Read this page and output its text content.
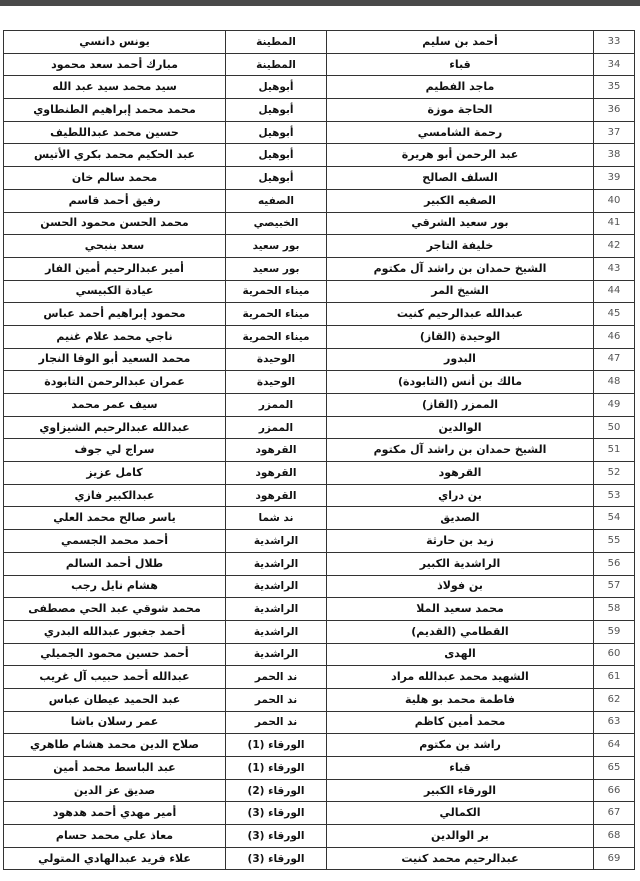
33	أحمد بن سليم	المطينة	يونس دانسي
34	قباء	المطينة	مبارك أحمد سعد محمود
35	ماجد الفطيم	أبوهيل	سيد محمد سيد عبد الله
36	الحاجة موزة	أبوهيل	محمد محمد إبراهيم الطنطاوي
37	رحمة الشامسي	أبوهيل	حسين محمد عبداللطيف
38	عبد الرحمن أبو هريرة	أبوهيل	عبد الحكيم محمد بكري الأتيس
39	السلف الصالح	أبوهيل	محمد سالم خان
40	الصفيه الكبير	الصفيه	رفيق أحمد قاسم
41	بور سعيد الشرقي	الخبيصي	محمد الحسن محمود الحسن
42	خليفة التاجر	بور سعيد	سعد بنبحي
43	الشيخ حمدان بن راشد آل مكتوم	بور سعيد	أمير عبدالرحيم أمين الفار
44	الشيخ المر	ميناء الحمرية	عيادة الكبيسي
45	عبدالله عبدالرحيم كنيت	ميناء الحمرية	محمود إبراهيم أحمد عباس
46	الوحيدة (القاز)	ميناء الحمرية	ناجي محمد علام غنيم
47	البدور	الوحيدة	محمد السعيد أبو الوفا النجار
48	مالك بن أنس (التابودة)	الوحيدة	عمران عبدالرحمن التابودة
49	الممزر (القاز)	الممزر	سيف عمر محمد
50	الوالدين	الممزر	عبدالله عبدالرحيم الشيزاوي
51	الشيخ حمدان بن راشد آل مكتوم	القرهود	سراج لي جوف
52	القرهود	القرهود	كامل عزيز
53	بن دراي	القرهود	عبدالكبير فازي
54	الصديق	ند شما	ياسر صالح محمد العلي
55	زيد بن حارثة	الراشدية	أحمد محمد الجسمي
56	الراشدية الكبير	الراشدية	طلال أحمد السالم
57	بن فولاذ	الراشدية	هشام نايل رجب
58	محمد سعيد الملا	الراشدية	محمد شوقي عبد الحي مصطفى
59	القطامي (القديم)	الراشدية	أحمد جغبور عبدالله البدري
60	الهدى	الراشدية	أحمد حسين محمود الجميلي
61	الشهيد محمد عبدالله مراد	ند الحمر	عبدالله أحمد حبيب آل غريب
62	فاطمة محمد بو هلية	ند الحمر	عبد الحميد عيطان عباس
63	محمد أمين كاظم	ند الحمر	عمر رسلان باشا
64	راشد بن مكتوم	الورقاء (1)	صلاح الدين محمد هشام طاهري
65	قباء	الورقاء (1)	عبد الباسط محمد أمين
66	الورقاء الكبير	الورقاء (2)	صديق عز الدين
67	الكمالي	الورقاء (3)	أمير مهدي أحمد هدهود
68	بر الوالدين	الورقاء (3)	معاذ علي محمد حسام
69	عبدالرحيم محمد كنيت	الورقاء (3)	علاء فريد عبدالهادي المتولي
